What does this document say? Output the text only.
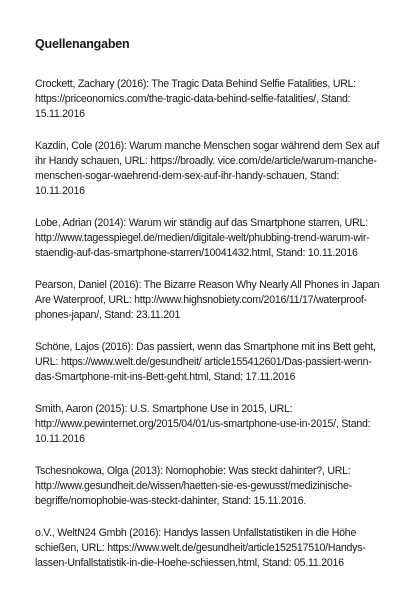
Quellenangaben
Crockett, Zachary (2016): The Tragic Data Behind Selfie Fatalities, URL: https://priceonomics.com/the-tragic-data-behind-selfie-fatalities/, Stand: 15.11.2016
Kazdin, Cole (2016): Warum manche Menschen sogar während dem Sex auf ihr Handy schauen, URL: https://broadly. vice.com/de/article/warum-manche-menschen-sogar-waehrend-dem-sex-auf-ihr-handy-schauen, Stand: 10.11.2016
Lobe, Adrian (2014): Warum wir ständig auf das Smartphone starren, URL: http://www.tagesspiegel.de/medien/digitale-welt/phubbing-trend-warum-wir-staendig-auf-das-smartphone-starren/10041432.html, Stand: 10.11.2016
Pearson, Daniel (2016): The Bizarre Reason Why Nearly All Phones in Japan Are Waterproof, URL: http://www.highsnobiety.com/2016/11/17/waterproof-phones-japan/, Stand: 23.11.201
Schöne, Lajos (2016): Das passiert, wenn das Smartphone mit ins Bett geht, URL: https://www.welt.de/gesundheit/ article155412601/Das-passiert-wenn-das-Smartphone-mit-ins-Bett-geht.html, Stand: 17.11.2016
Smith, Aaron (2015): U.S. Smartphone Use in 2015, URL: http://www.pewinternet.org/2015/04/01/us-smartphone-use-in-2015/, Stand: 10.11.2016
Tschesnokowa, Olga (2013): Nomophobie: Was steckt dahinter?, URL: http://www.gesundheit.de/wissen/haetten-sie-es-gewusst/medizinische-begriffe/nomophobie-was-steckt-dahinter, Stand: 15.11.2016.
o.V., WeltN24 Gmbh (2016): Handys lassen Unfallstatistiken in die Höhe schießen, URL: https://www.welt.de/gesundheit/article152517510/Handys-lassen-Unfallstatistik-in-die-Hoehe-schiessen.html, Stand: 05.11.2016
